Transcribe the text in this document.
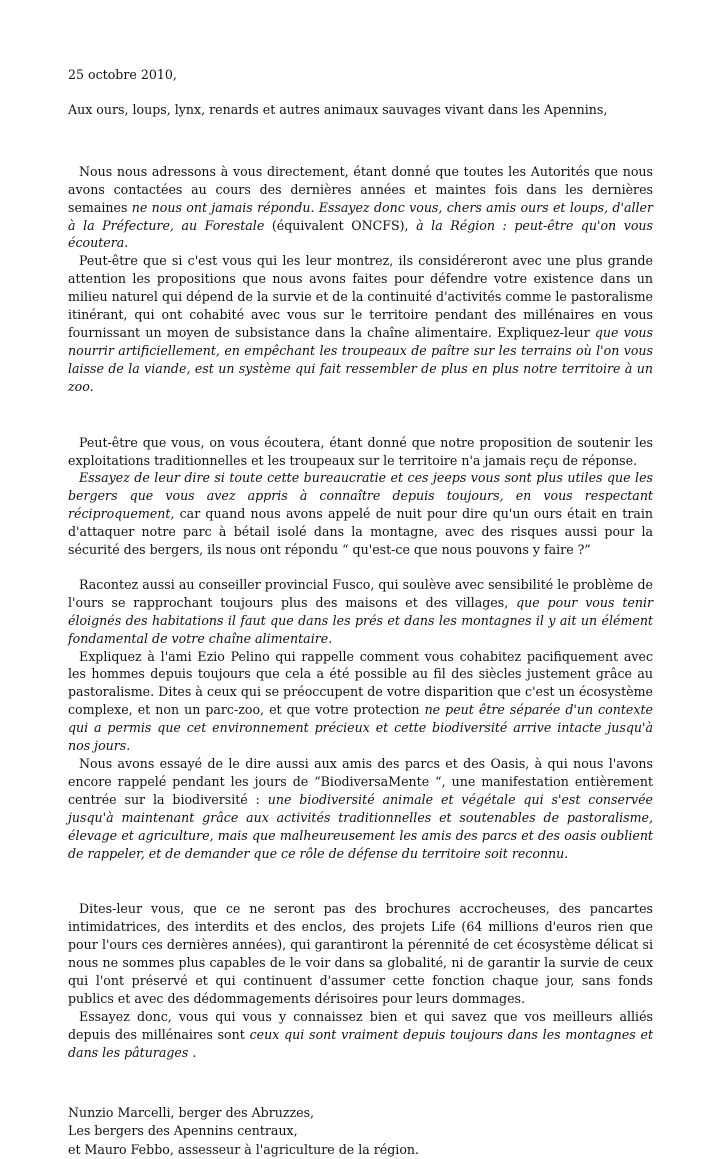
25 octobre 2010,

Aux ours, loups, lynx, renards et autres animaux sauvages vivant dans les Apennins,

Nous nous adressons à vous directement, étant donné que toutes les Autorités que nous avons contactées au cours des dernières années et maintes fois dans les dernières semaines ne nous ont jamais répondu. Essayez donc vous, chers amis ours et loups, d'aller à la Préfecture, au Forestale (équivalent ONCFS), à la Région : peut-être qu'on vous écoutera.

Peut-être que si c'est vous qui les leur montrez, ils considéreront avec une plus grande attention les propositions que nous avons faites pour défendre votre existence dans un milieu naturel qui dépend de la survie et de la continuité d'activités comme le pastoralisme itinérant, qui ont cohabité avec vous sur le territoire pendant des millénaires en vous fournissant un moyen de subsistance dans la chaîne alimentaire. Expliquez-leur que vous nourrir artificiellement, en empêchant les troupeaux de paître sur les terrains où l'on vous laisse de la viande, est un système qui fait ressembler de plus en plus notre territoire à un zoo.

Peut-être que vous, on vous écoutera, étant donné que notre proposition de soutenir les exploitations traditionnelles et les troupeaux sur le territoire n'a jamais reçu de réponse.

Essayez de leur dire si toute cette bureaucratie et ces jeeps vous sont plus utiles que les bergers que vous avez appris à connaître depuis toujours, en vous respectant réciproquement, car quand nous avons appelé de nuit pour dire qu'un ours était en train d'attaquer notre parc à bétail isolé dans la montagne, avec des risques aussi pour la sécurité des bergers, ils nous ont répondu “ qu'est-ce que nous pouvons y faire ?”

Racontez aussi au conseiller provincial Fusco, qui soulève avec sensibilité le problème de l'ours se rapprochant toujours plus des maisons et des villages, que pour vous tenir éloignés des habitations il faut que dans les prés et dans les montagnes il y ait un élément fondamental de votre chaîne alimentaire.

Expliquez à l'ami Ezio Pelino qui rappelle comment vous cohabitez pacifiquement avec les hommes depuis toujours que cela a été possible au fil des siècles justement grâce au pastoralisme. Dites à ceux qui se préoccupent de votre disparition que c'est un écosystème complexe, et non un parc-zoo, et que votre protection ne peut être séparée d'un contexte qui a permis que cet environnement précieux et cette biodiversité arrive intacte jusqu'à nos jours.

Nous avons essayé de le dire aussi aux amis des parcs et des Oasis, à qui nous l'avons encore rappelé pendant les jours de “BiodiversaMente “, une manifestation entièrement centrée sur la biodiversité : une biodiversité animale et végétale qui s'est conservée jusqu'à maintenant grâce aux activités traditionnelles et soutenables de pastoralisme, élevage et agriculture, mais que malheureusement les amis des parcs et des oasis oublient de rappeler, et de demander que ce rôle de défense du territoire soit reconnu.

Dites-leur vous, que ce ne seront pas des brochures accrocheuses, des pancartes intimidatrices, des interdits et des enclos, des projets Life (64 millions d'euros rien que pour l'ours ces dernières années), qui garantiront la pérennité de cet écosystème délicat si nous ne sommes plus capables de le voir dans sa globalité, ni de garantir la survie de ceux qui l'ont préservé et qui continuent d'assumer cette fonction chaque jour, sans fonds publics et avec des dédommagements dérisoires pour leurs dommages.

Essayez donc, vous qui vous y connaissez bien et qui savez que vos meilleurs alliés depuis des millénaires sont ceux qui sont vraiment depuis toujours dans les montagnes et dans les pâturages .

Nunzio Marcelli, berger des Abruzzes,

Les bergers des Apennins centraux,

et Mauro Febbo, assesseur à l'agriculture de la région.
